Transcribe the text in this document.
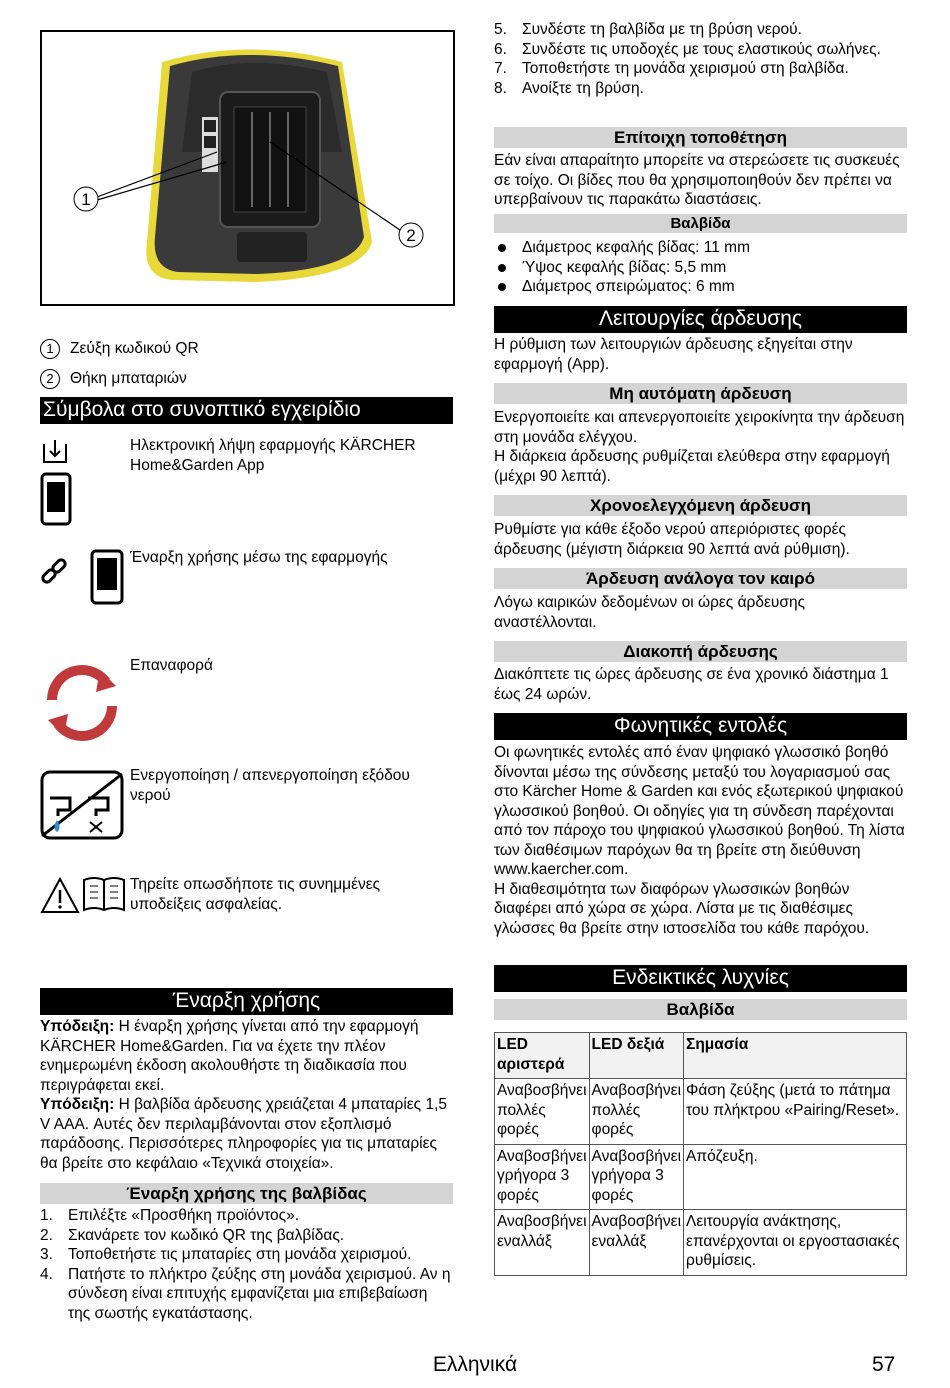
1
2
1	Ζεύξη κωδικού QR
2	Θήκη μπαταριών
Σύμβολα στο συνοπτικό εγχειρίδιο
Ηλεκτρονική λήψη εφαρμογής KÄRCHER Home&Garden App
Έναρξη χρήσης μέσω της εφαρμογής
Επαναφορά
Ενεργοποίηση / απενεργοποίηση εξόδου νερού
Τηρείτε οπωσδήποτε τις συνημμένες υποδείξεις ασφαλείας.
Έναρξη χρήσης

Υπόδειξη: Η έναρξη χρήσης γίνεται από την εφαρμογή KÄRCHER Home&Garden. Για να έχετε την πλέον ενημερωμένη έκδοση ακολουθήστε τη διαδικασία που περιγράφεται εκεί.

Υπόδειξη: Η βαλβίδα άρδευσης χρειάζεται 4 μπαταρίες 1,5 V AAA. Αυτές δεν περιλαμβάνονται στον εξοπλισμό παράδοσης. Περισσότερες πληροφορίες για τις μπαταρίες θα βρείτε στο κεφάλαιο «Τεχνικά στοιχεία».

Έναρξη χρήσης της βαλβίδας
1. Επιλέξτε «Προσθήκη προϊόντος».
2. Σκανάρετε τον κωδικό QR της βαλβίδας.
3. Τοποθετήστε τις μπαταρίες στη μονάδα χειρισμού.
4. Πατήστε το πλήκτρο ζεύξης στη μονάδα χειρισμού. Αν η σύνδεση είναι επιτυχής εμφανίζεται μια επιβεβαίωση της σωστής εγκατάστασης.
5. Συνδέστε τη βαλβίδα με τη βρύση νερού.
6. Συνδέστε τις υποδοχές με τους ελαστικούς σωλήνες.
7. Τοποθετήστε τη μονάδα χειρισμού στη βαλβίδα.
8. Ανοίξτε τη βρύση.
Επίτοιχη τοποθέτηση

Εάν είναι απαραίτητο μπορείτε να στερεώσετε τις συσκευές σε τοίχο. Οι βίδες που θα χρησιμοποιηθούν δεν πρέπει να υπερβαίνουν τις παρακάτω διαστάσεις.

Βαλβίδα
Διάμετρος κεφαλής βίδας: 11 mm
Ύψος κεφαλής βίδας: 5,5 mm
Διάμετρος σπειρώματος: 6 mm
Λειτουργίες άρδευσης

Η ρύθμιση των λειτουργιών άρδευσης εξηγείται στην εφαρμογή (App).

Μη αυτόματη άρδευση

Ενεργοποιείτε και απενεργοποιείτε χειροκίνητα την άρδευση στη μονάδα ελέγχου.
Η διάρκεια άρδευσης ρυθμίζεται ελεύθερα στην εφαρμογή (μέχρι 90 λεπτά).

Χρονοελεγχόμενη άρδευση

Ρυθμίστε για κάθε έξοδο νερού απεριόριστες φορές άρδευσης (μέγιστη διάρκεια 90 λεπτά ανά ρύθμιση).

Άρδευση ανάλογα τον καιρό

Λόγω καιρικών δεδομένων οι ώρες άρδευσης αναστέλλονται.

Διακοπή άρδευσης

Διακόπτετε τις ώρες άρδευσης σε ένα χρονικό διάστημα 1 έως 24 ωρών.

Φωνητικές εντολές

Οι φωνητικές εντολές από έναν ψηφιακό γλωσσικό βοηθό δίνονται μέσω της σύνδεσης μεταξύ του λογαριασμού σας στο Kärcher Home & Garden και ενός εξωτερικού ψηφιακού γλωσσικού βοηθού. Οι οδηγίες για τη σύνδεση παρέχονται από τον πάροχο του ψηφιακού γλωσσικού βοηθού. Τη λίστα των διαθέσιμων παρόχων θα τη βρείτε στη διεύθυνση www.kaercher.com.
Η διαθεσιμότητα των διαφόρων γλωσσικών βοηθών διαφέρει από χώρα σε χώρα. Λίστα με τις διαθέσιμες γλώσσες θα βρείτε στην ιστοσελίδα του κάθε παρόχου.

Ενδεικτικές λυχνίες
Βαλβίδα
LED αριστερά	LED δεξιά	Σημασία
Αναβοσβήνει πολλές φορές	Αναβοσβήνει πολλές φορές	Φάση ζεύξης (μετά το πάτημα του πλήκτρου «Pairing/Reset».
Αναβοσβήνει γρήγορα 3 φορές	Αναβοσβήνει γρήγορα 3 φορές	Απόζευξη.
Αναβοσβήνει εναλλάξ	Αναβοσβήνει εναλλάξ	Λειτουργία ανάκτησης, επανέρχονται οι εργοστασιακές ρυθμίσεις.
Ελληνικά	57
